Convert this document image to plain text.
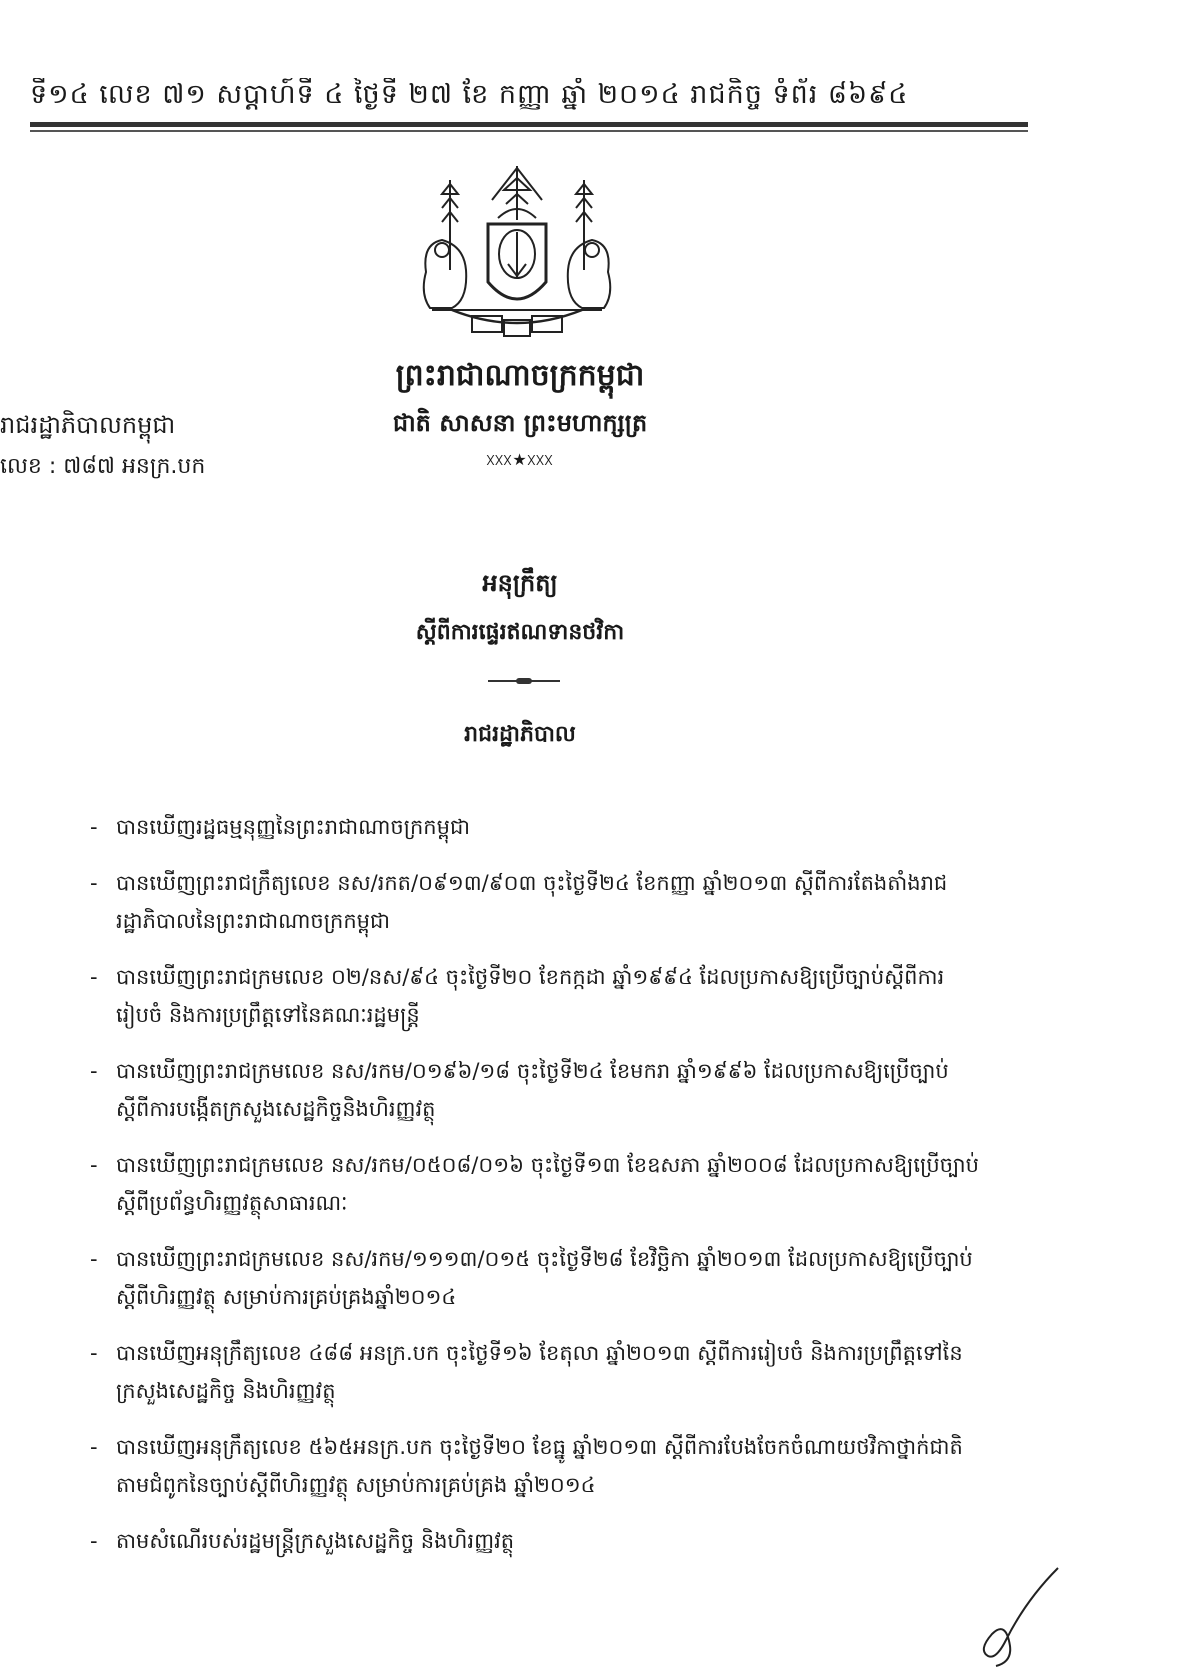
ទី១៤ លេខ ៧១ សប្តាហ៍ទី ៤ ថ្ងៃទី ២៧ ខែ កញ្ញា ឆ្នាំ ២០១៤ រាជកិច្ច ទំព័រ ៨៦៩៤
ព្រះរាជាណាចក្រកម្ពុជា
ជាតិ សាសនា ព្រះមហាក្សត្រ
ᳵᳵᳵ★ᳵᳵᳵ
រាជរដ្ឋាភិបាលកម្ពុជា
លេខ : ៧៨៧ អនក្រ.បក
អនុក្រឹត្យ
ស្តីពីការផ្ទេរឥណទានថវិកា
រាជរដ្ឋាភិបាល
- បានឃើញរដ្ឋធម្មនុញ្ញនៃព្រះរាជាណាចក្រកម្ពុជា
- បានឃើញព្រះរាជក្រឹត្យលេខ នស/រកត/០៩១៣/៩០៣ ចុះថ្ងៃទី២៤ ខែកញ្ញា ឆ្នាំ២០១៣ ស្តីពីការតែងតាំងរាជរដ្ឋាភិបាលនៃព្រះរាជាណាចក្រកម្ពុជា
- បានឃើញព្រះរាជក្រមលេខ ០២/នស/៩៤ ចុះថ្ងៃទី២០ ខែកក្កដា ឆ្នាំ១៩៩៤ ដែលប្រកាសឱ្យប្រើច្បាប់ស្តីពីការរៀបចំ និងការប្រព្រឹត្តទៅនៃគណៈរដ្ឋមន្ត្រី
- បានឃើញព្រះរាជក្រមលេខ នស/រកម/០១៩៦/១៨ ចុះថ្ងៃទី២៤ ខែមករា ឆ្នាំ១៩៩៦ ដែលប្រកាសឱ្យប្រើច្បាប់ស្តីពីការបង្កើតក្រសួងសេដ្ឋកិច្ចនិងហិរញ្ញវត្ថុ
- បានឃើញព្រះរាជក្រមលេខ នស/រកម/០៥០៨/០១៦ ចុះថ្ងៃទី១៣ ខែឧសភា ឆ្នាំ២០០៨ ដែលប្រកាសឱ្យប្រើច្បាប់ស្តីពីប្រព័ន្ធហិរញ្ញវត្ថុសាធារណៈ
- បានឃើញព្រះរាជក្រមលេខ នស/រកម/១១១៣/០១៥ ចុះថ្ងៃទី២៨ ខែវិច្ឆិកា ឆ្នាំ២០១៣ ដែលប្រកាសឱ្យប្រើច្បាប់ស្តីពីហិរញ្ញវត្ថុ សម្រាប់ការគ្រប់គ្រងឆ្នាំ២០១៤
- បានឃើញអនុក្រឹត្យលេខ ៤៨៨ អនក្រ.បក ចុះថ្ងៃទី១៦ ខែតុលា ឆ្នាំ២០១៣ ស្តីពីការរៀបចំ និងការប្រព្រឹត្តទៅនៃក្រសួងសេដ្ឋកិច្ច និងហិរញ្ញវត្ថុ
- បានឃើញអនុក្រឹត្យលេខ ៥៦៥អនក្រ.បក ចុះថ្ងៃទី២០ ខែធ្នូ ឆ្នាំ២០១៣ ស្តីពីការបែងចែកចំណាយថវិកាថ្នាក់ជាតិ តាមជំពូកនៃច្បាប់ស្តីពីហិរញ្ញវត្ថុ សម្រាប់ការគ្រប់គ្រង ឆ្នាំ២០១៤
- តាមសំណើរបស់រដ្ឋមន្ត្រីក្រសួងសេដ្ឋកិច្ច និងហិរញ្ញវត្ថុ
